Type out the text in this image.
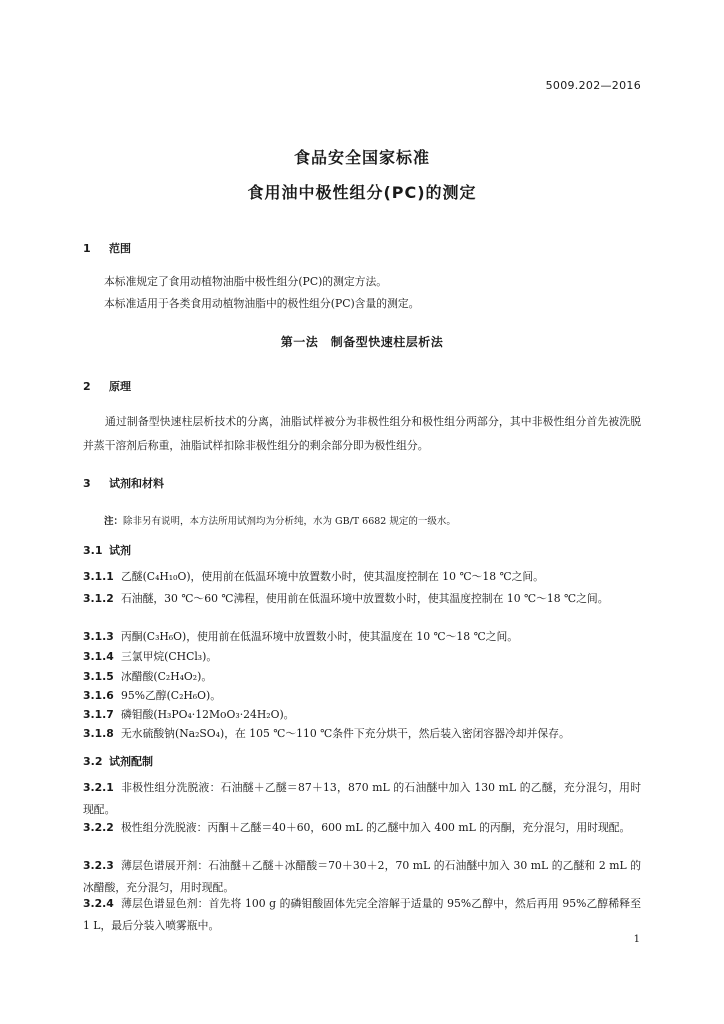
5009.202—2016
食品安全国家标准
食用油中极性组分(PC)的测定
1 范围
本标准规定了食用动植物油脂中极性组分(PC)的测定方法。
本标准适用于各类食用动植物油脂中的极性组分(PC)含量的测定。
第一法　制备型快速柱层析法
2 原理
通过制备型快速柱层析技术的分离，油脂试样被分为非极性组分和极性组分两部分，其中非极性组分首先被洗脱并蒸干溶剂后称重，油脂试样扣除非极性组分的剩余部分即为极性组分。
3 试剂和材料
注：除非另有说明，本方法所用试剂均为分析纯，水为 GB/T 6682 规定的一级水。
3.1 试剂
3.1.1 乙醚(C₄H₁₀O)，使用前在低温环境中放置数小时，使其温度控制在 10 ℃～18 ℃之间。
3.1.2 石油醚，30 ℃～60 ℃沸程，使用前在低温环境中放置数小时，使其温度控制在 10 ℃～18 ℃之间。
3.1.3 丙酮(C₃H₆O)，使用前在低温环境中放置数小时，使其温度在 10 ℃～18 ℃之间。
3.1.4 三氯甲烷(CHCl₃)。
3.1.5 冰醋酸(C₂H₄O₂)。
3.1.6 95%乙醇(C₂H₆O)。
3.1.7 磷钼酸(H₃PO₄·12MoO₃·24H₂O)。
3.1.8 无水硫酸钠(Na₂SO₄)，在 105 ℃～110 ℃条件下充分烘干，然后装入密闭容器冷却并保存。
3.2 试剂配制
3.2.1 非极性组分洗脱液：石油醚＋乙醚＝87＋13，870 mL 的石油醚中加入 130 mL 的乙醚，充分混匀，用时现配。
3.2.2 极性组分洗脱液：丙酮＋乙醚＝40＋60，600 mL 的乙醚中加入 400 mL 的丙酮，充分混匀，用时现配。
3.2.3 薄层色谱展开剂：石油醚＋乙醚＋冰醋酸＝70＋30＋2，70 mL 的石油醚中加入 30 mL 的乙醚和 2 mL 的冰醋酸，充分混匀，用时现配。
3.2.4 薄层色谱显色剂：首先将 100 g 的磷钼酸固体先完全溶解于适量的 95%乙醇中，然后再用 95%乙醇稀释至 1 L，最后分装入喷雾瓶中。
1
